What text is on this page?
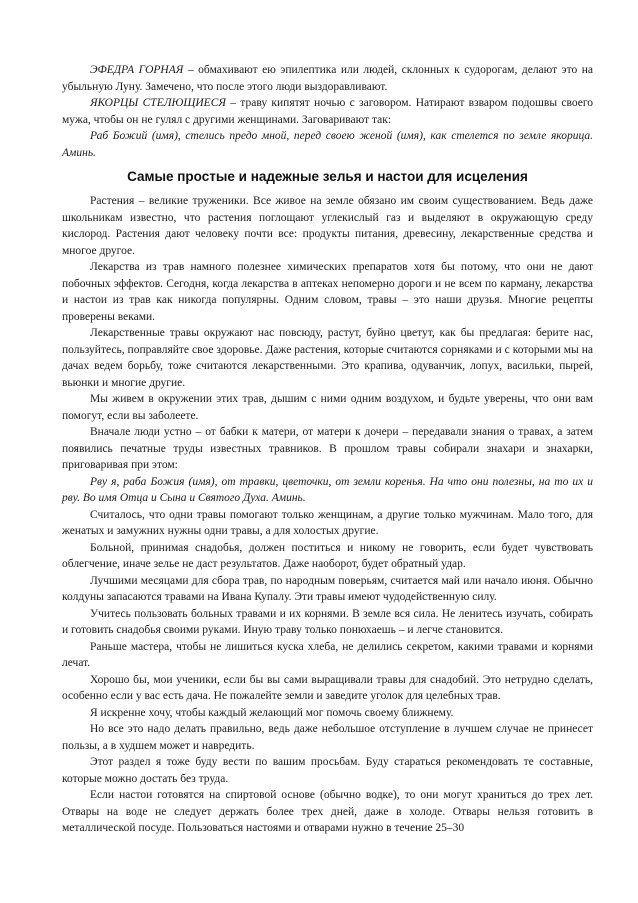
ЭФЕДРА ГОРНАЯ – обмахивают ею эпилептика или людей, склонных к судорогам, делают это на убыльную Луну. Замечено, что после этого люди выздоравливают.

ЯКОРЦЫ СТЕЛЮЩИЕСЯ – траву кипятят ночью с заговором. Натирают взваром подошвы своего мужа, чтобы он не гулял с другими женщинами. Заговаривают так:

Раб Божий (имя), стелись предо мной, перед своею женой (имя), как стелется по земле якорица. Аминь.

Самые простые и надежные зелья и настои для исцеления

Растения – великие труженики. Все живое на земле обязано им своим существованием. Ведь даже школьникам известно, что растения поглощают углекислый газ и выделяют в окружающую среду кислород. Растения дают человеку почти все: продукты питания, древесину, лекарственные средства и многое другое.

Лекарства из трав намного полезнее химических препаратов хотя бы потому, что они не дают побочных эффектов. Сегодня, когда лекарства в аптеках непомерно дороги и не всем по карману, лекарства и настои из трав как никогда популярны. Одним словом, травы – это наши друзья. Многие рецепты проверены веками.

Лекарственные травы окружают нас повсюду, растут, буйно цветут, как бы предлагая: берите нас, пользуйтесь, поправляйте свое здоровье. Даже растения, которые считаются сорняками и с которыми мы на дачах ведем борьбу, тоже считаются лекарственными. Это крапива, одуванчик, лопух, васильки, пырей, вьюнки и многие другие.

Мы живем в окружении этих трав, дышим с ними одним воздухом, и будьте уверены, что они вам помогут, если вы заболеете.

Вначале люди устно – от бабки к матери, от матери к дочери – передавали знания о травах, а затем появились печатные труды известных травников. В прошлом травы собирали знахари и знахарки, приговаривая при этом:

Рву я, раба Божия (имя), от травки, цветочки, от земли коренья. На что они полезны, на то их и рву. Во имя Отца и Сына и Святого Духа. Аминь.

Считалось, что одни травы помогают только женщинам, а другие только мужчинам. Мало того, для женатых и замужних нужны одни травы, а для холостых другие.

Больной, принимая снадобья, должен поститься и никому не говорить, если будет чувствовать облегчение, иначе зелье не даст результатов. Даже наоборот, будет обратный удар.

Лучшими месяцами для сбора трав, по народным поверьям, считается май или начало июня. Обычно колдуны запасаются травами на Ивана Купалу. Эти травы имеют чудодейственную силу.

Учитесь пользовать больных травами и их корнями. В земле вся сила. Не ленитесь изучать, собирать и готовить снадобья своими руками. Иную траву только понюхаешь – и легче становится.

Раньше мастера, чтобы не лишиться куска хлеба, не делились секретом, какими травами и корнями лечат.

Хорошо бы, мои ученики, если бы вы сами выращивали травы для снадобий. Это нетрудно сделать, особенно если у вас есть дача. Не пожалейте земли и заведите уголок для целебных трав.

Я искренне хочу, чтобы каждый желающий мог помочь своему ближнему.

Но все это надо делать правильно, ведь даже небольшое отступление в лучшем случае не принесет пользы, а в худшем может и навредить.

Этот раздел я тоже буду вести по вашим просьбам. Буду стараться рекомендовать те составные, которые можно достать без труда.

Если настои готовятся на спиртовой основе (обычно водке), то они могут храниться до трех лет. Отвары на воде не следует держать более трех дней, даже в холоде. Отвары нельзя готовить в металлической посуде. Пользоваться настоями и отварами нужно в течение 25–30
